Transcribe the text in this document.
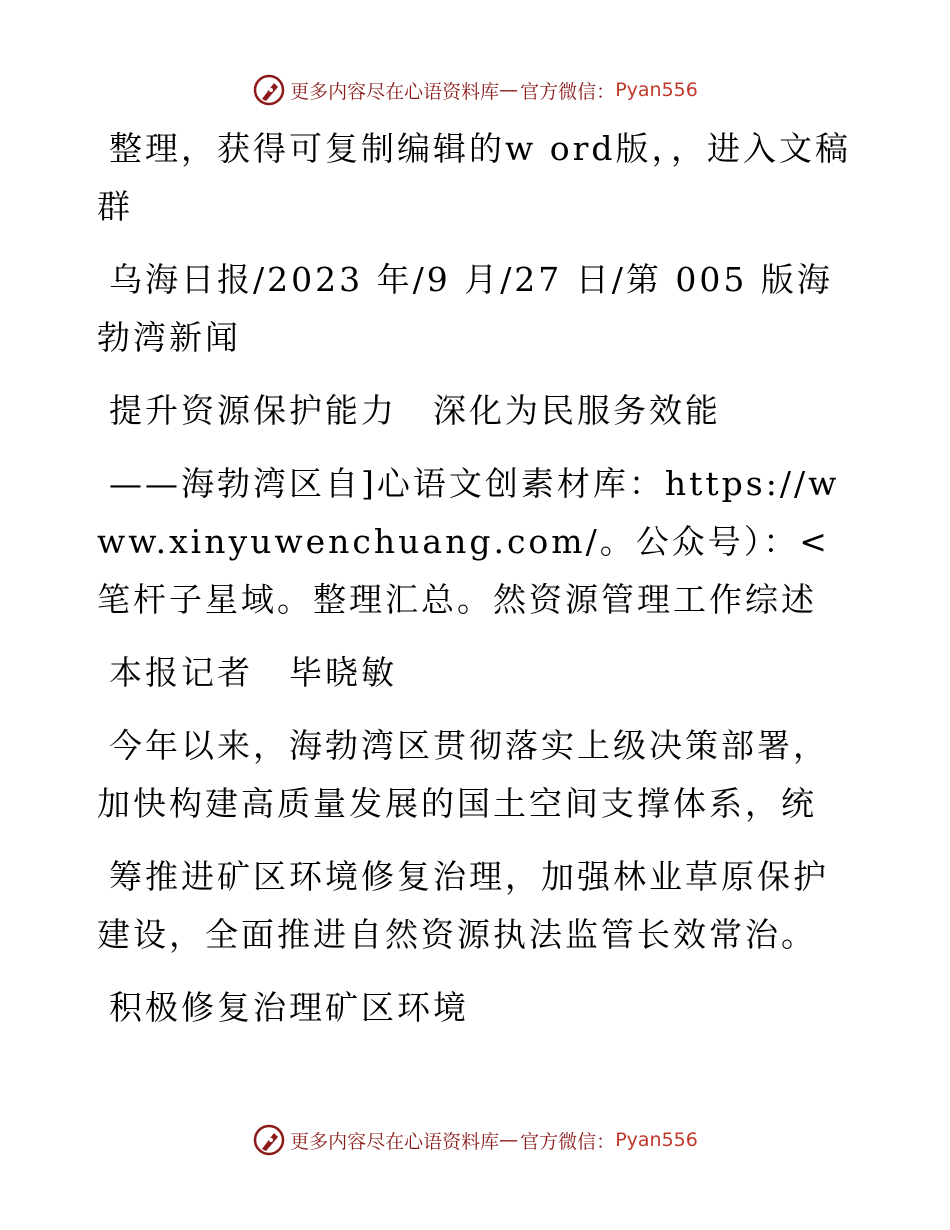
更多内容尽在心语资料库 — 官方微信： Pyan556

整理，获得可复制编辑的w ord版，，进入文稿群

乌海日报/2023 年/9 月/27 日/第 005 版海勃湾新闻

提升资源保护能力　深化为民服务效能

——海勃湾区自]心语文创素材库：https://www.xinyuwenchuang.com/。公众号）：<笔杆子星域。整理汇总。然资源管理工作综述

本报记者　毕晓敏

今年以来，海勃湾区贯彻落实上级决策部署，加快构建高质量发展的国土空间支撑体系，统

筹推进矿区环境修复治理，加强林业草原保护建设，全面推进自然资源执法监管长效常治。

积极修复治理矿区环境

更多内容尽在心语资料库 — 官方微信： Pyan556
